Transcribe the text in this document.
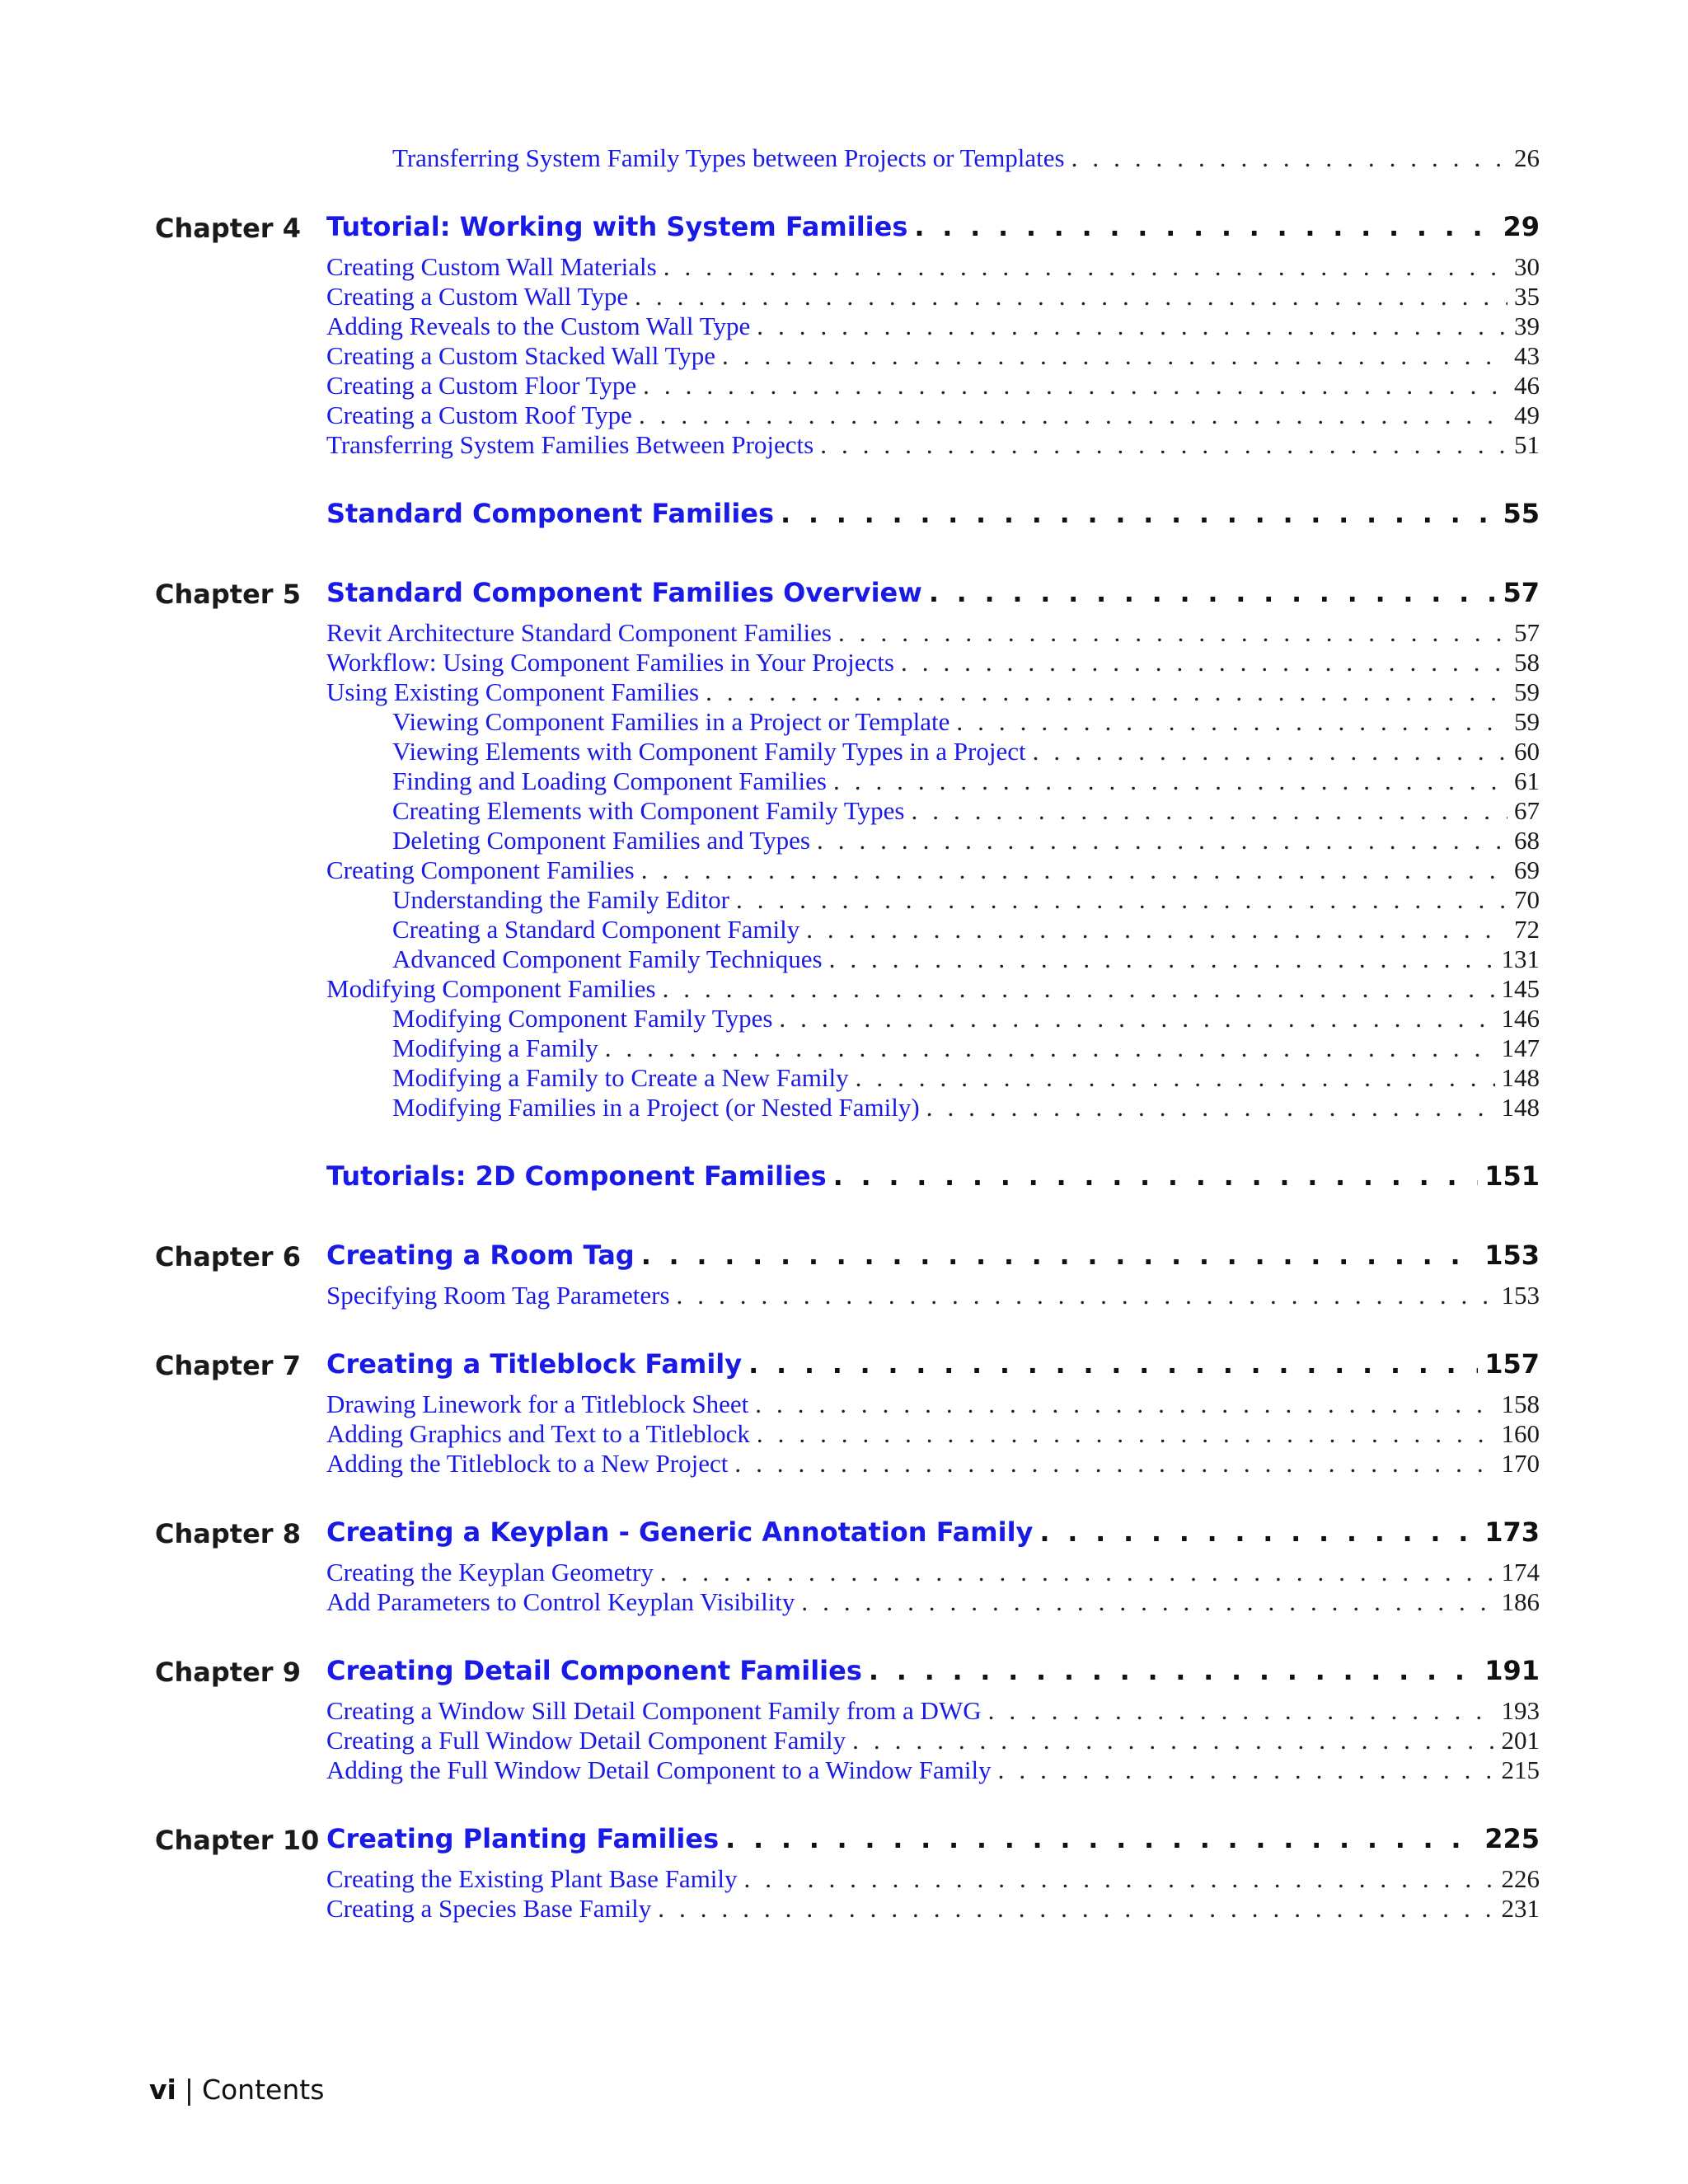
Transferring System Family Types between Projects or Templates . . .	26
Chapter 4 Tutorial: Working with System Families . . .	29
Creating Custom Wall Materials . . .	30
Creating a Custom Wall Type . . .	35
Adding Reveals to the Custom Wall Type . . .	39
Creating a Custom Stacked Wall Type . . .	43
Creating a Custom Floor Type . . .	46
Creating a Custom Roof Type . . .	49
Transferring System Families Between Projects . . .	51
Standard Component Families . . .	55
Chapter 5 Standard Component Families Overview . . .	57
Revit Architecture Standard Component Families . . .	57
Workflow: Using Component Families in Your Projects . . .	58
Using Existing Component Families . . .	59
Viewing Component Families in a Project or Template . . .	59
Viewing Elements with Component Family Types in a Project . . .	60
Finding and Loading Component Families . . .	61
Creating Elements with Component Family Types . . .	67
Deleting Component Families and Types . . .	68
Creating Component Families . . .	69
Understanding the Family Editor . . .	70
Creating a Standard Component Family . . .	72
Advanced Component Family Techniques . . .	131
Modifying Component Families . . .	145
Modifying Component Family Types . . .	146
Modifying a Family . . .	147
Modifying a Family to Create a New Family . . .	148
Modifying Families in a Project (or Nested Family) . . .	148
Tutorials: 2D Component Families . . .	151
Chapter 6 Creating a Room Tag . . .	153
Specifying Room Tag Parameters . . .	153
Chapter 7 Creating a Titleblock Family . . .	157
Drawing Linework for a Titleblock Sheet . . .	158
Adding Graphics and Text to a Titleblock . . .	160
Adding the Titleblock to a New Project . . .	170
Chapter 8 Creating a Keyplan - Generic Annotation Family . . .	173
Creating the Keyplan Geometry . . .	174
Add Parameters to Control Keyplan Visibility . . .	186
Chapter 9 Creating Detail Component Families . . .	191
Creating a Window Sill Detail Component Family from a DWG . . .	193
Creating a Full Window Detail Component Family . . .	201
Adding the Full Window Detail Component to a Window Family . . .	215
Chapter 10 Creating Planting Families . . .	225
Creating the Existing Plant Base Family . . .	226
Creating a Species Base Family . . .	231
vi | Contents
